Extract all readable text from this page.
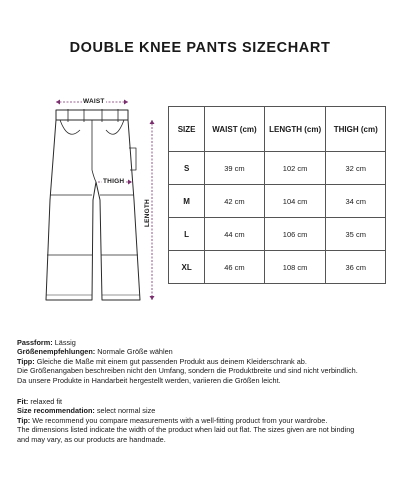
DOUBLE KNEE PANTS SIZECHART
WAIST
THIGH
LENGTH
SIZE	WAIST (cm)	LENGTH (cm)	THIGH (cm)
S	39 cm	102 cm	32 cm
M	42 cm	104 cm	34 cm
L	44 cm	106 cm	35 cm
XL	46 cm	108 cm	36 cm
Passform: Lässig
Größenempfehlungen: Normale Größe wählen
Tipp: Gleiche die Maße mit einem gut passenden Produkt aus deinem Kleiderschrank ab.
Die Größenangaben beschreiben nicht den Umfang, sondern die Produktbreite und sind nicht verbindlich.
Da unsere Produkte in Handarbeit hergestellt werden, variieren die Größen leicht.
Fit: relaxed fit
Size recommendation: select normal size
Tip: We recommend you compare measurements with a well-fitting product from your wardrobe.
The dimensions listed indicate the width of the product when laid out flat. The sizes given are not binding
and may vary, as our products are handmade.
